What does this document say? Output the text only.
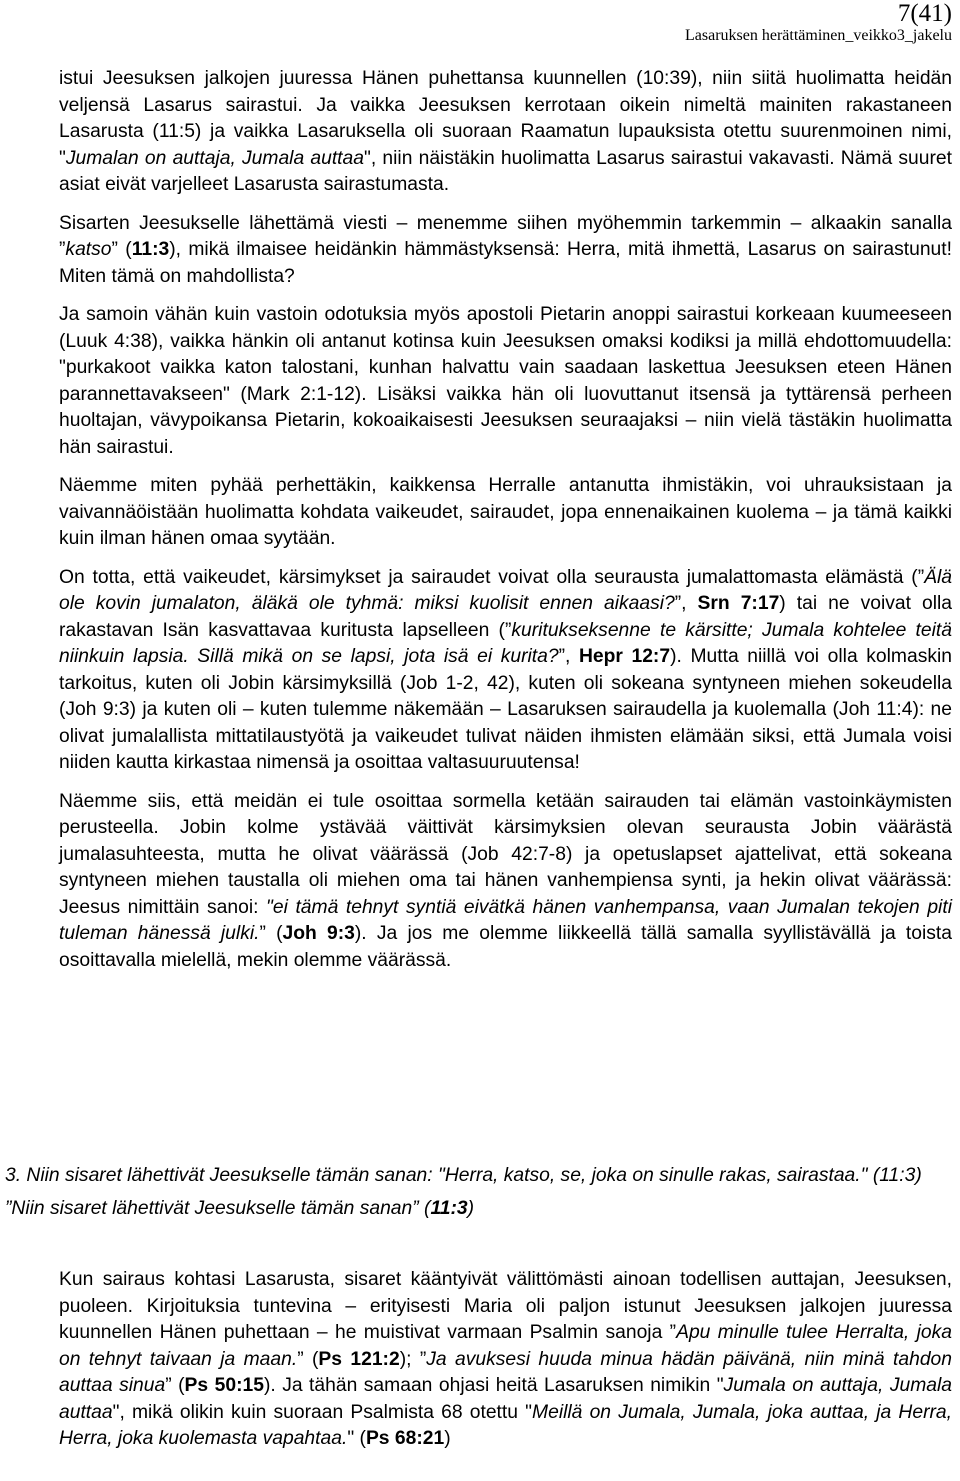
7(41)
Lasaruksen herättäminen_veikko3_jakelu

istui Jeesuksen jalkojen juuressa Hänen puhettansa kuunnellen (10:39), niin siitä huolimatta heidän veljensä Lasarus sairastui. Ja vaikka Jeesuksen kerrotaan oikein nimeltä mainiten rakastaneen Lasarusta (11:5) ja vaikka Lasaruksella oli suoraan Raamatun lupauksista otettu suurenmoinen nimi, "Jumalan on auttaja, Jumala auttaa", niin näistäkin huolimatta Lasarus sairastui vakavasti. Nämä suuret asiat eivät varjelleet Lasarusta sairastumasta.

Sisarten Jeesukselle lähettämä viesti – menemme siihen myöhemmin tarkemmin – alkaakin sanalla ”katso” (11:3), mikä ilmaisee heidänkin hämmästyksensä: Herra, mitä ihmettä, Lasarus on sairastunut! Miten tämä on mahdollista?

Ja samoin vähän kuin vastoin odotuksia myös apostoli Pietarin anoppi sairastui korkeaan kuumeeseen (Luuk 4:38), vaikka hänkin oli antanut kotinsa kuin Jeesuksen omaksi kodiksi ja millä ehdottomuudella: "purkakoot vaikka katon talostani, kunhan halvattu vain saadaan laskettua Jeesuksen eteen Hänen parannettavakseen" (Mark 2:1-12). Lisäksi vaikka hän oli luovuttanut itsensä ja tyttärensä perheen huoltajan, vävypoikansa Pietarin, kokoaikaisesti Jeesuksen seuraajaksi – niin vielä tästäkin huolimatta hän sairastui.

Näemme miten pyhää perhettäkin, kaikkensa Herralle antanutta ihmistäkin, voi uhrauksistaan ja vaivannäöistään huolimatta kohdata vaikeudet, sairaudet, jopa ennenaikainen kuolema – ja tämä kaikki kuin ilman hänen omaa syytään.

On totta, että vaikeudet, kärsimykset ja sairaudet voivat olla seurausta jumalattomasta elämästä (”Älä ole kovin jumalaton, äläkä ole tyhmä: miksi kuolisit ennen aikaasi?”, Srn 7:17) tai ne voivat olla rakastavan Isän kasvattavaa kuritusta lapselleen (”kuritukseksenne te kärsitte; Jumala kohtelee teitä niinkuin lapsia. Sillä mikä on se lapsi, jota isä ei kurita?”, Hepr 12:7). Mutta niillä voi olla kolmaskin tarkoitus, kuten oli Jobin kärsimyksillä (Job 1-2, 42), kuten oli sokeana syntyneen miehen sokeudella (Joh 9:3) ja kuten oli – kuten tulemme näkemään – Lasaruksen sairaudella ja kuolemalla (Joh 11:4): ne olivat jumalallista mittatilaustyötä ja vaikeudet tulivat näiden ihmisten elämään siksi, että Jumala voisi niiden kautta kirkastaa nimensä ja osoittaa valtasuuruutensa!

Näemme siis, että meidän ei tule osoittaa sormella ketään sairauden tai elämän vastoinkäymisten perusteella. Jobin kolme ystävää väittivät kärsimyksien olevan seurausta Jobin väärästä jumalasuhteesta, mutta he olivat väärässä (Job 42:7-8) ja opetuslapset ajattelivat, että sokeana syntyneen miehen taustalla oli miehen oma tai hänen vanhempiensa synti, ja hekin olivat väärässä: Jeesus nimittäin sanoi: "ei tämä tehnyt syntiä eivätkä hänen vanhempansa, vaan Jumalan tekojen piti tuleman hänessä julki.” (Joh 9:3). Ja jos me olemme liikkeellä tällä samalla syyllistävällä ja toista osoittavalla mielellä, mekin olemme väärässä.

3. Niin sisaret lähettivät Jeesukselle tämän sanan: "Herra, katso, se, joka on sinulle rakas, sairastaa." (11:3)

”Niin sisaret lähettivät Jeesukselle tämän sanan” (11:3)

Kun sairaus kohtasi Lasarusta, sisaret kääntyivät välittömästi ainoan todellisen auttajan, Jeesuksen, puoleen. Kirjoituksia tuntevina – erityisesti Maria oli paljon istunut Jeesuksen jalkojen juuressa kuunnellen Hänen puhettaan – he muistivat varmaan Psalmin sanoja ”Apu minulle tulee Herralta, joka on tehnyt taivaan ja maan.” (Ps 121:2); ”Ja avuksesi huuda minua hädän päivänä, niin minä tahdon auttaa sinua” (Ps 50:15). Ja tähän samaan ohjasi heitä Lasaruksen nimikin "Jumala on auttaja, Jumala auttaa", mikä olikin kuin suoraan Psalmista 68 otettu "Meillä on Jumala, Jumala, joka auttaa, ja Herra, Herra, joka kuolemasta vapahtaa." (Ps 68:21)
